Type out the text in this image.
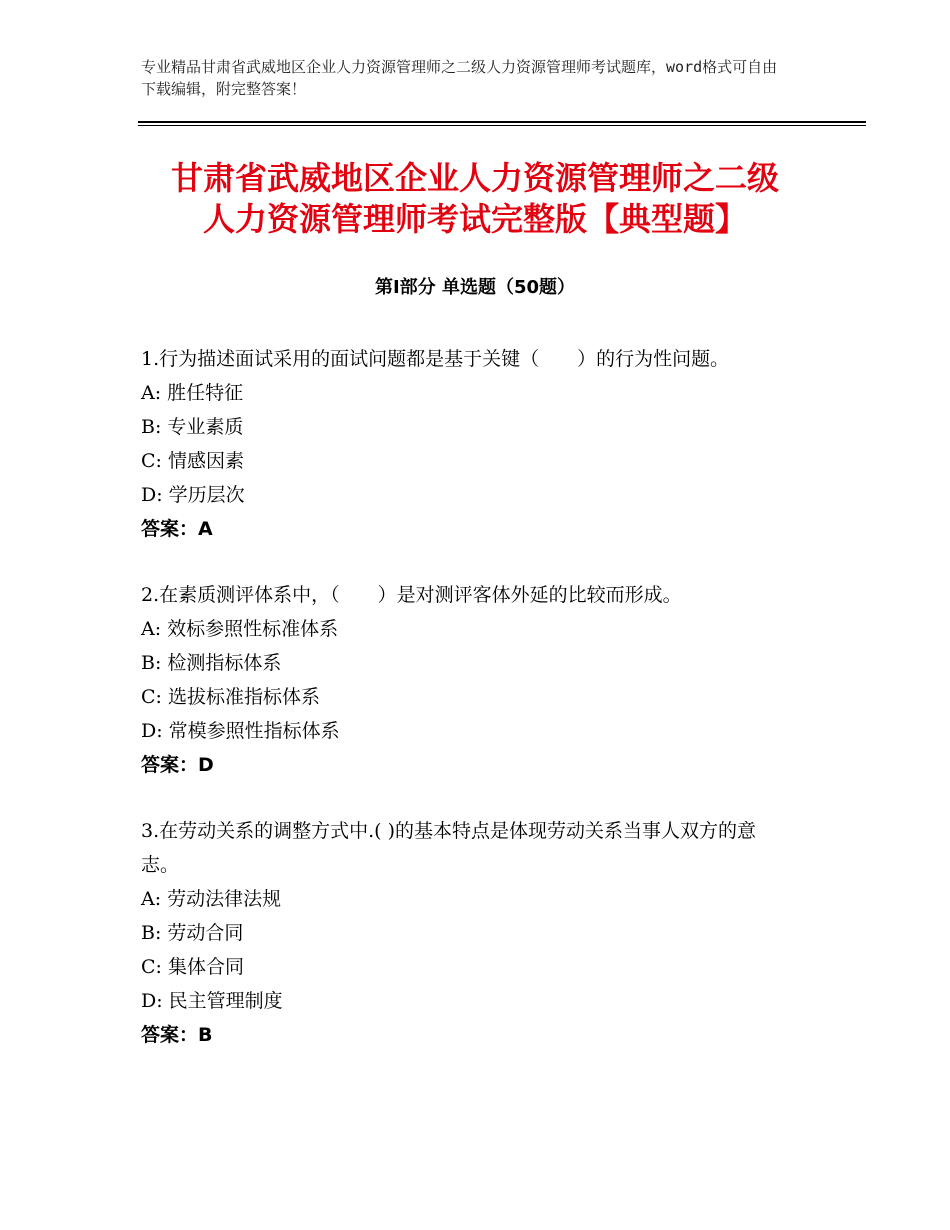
专业精品甘肃省武威地区企业人力资源管理师之二级人力资源管理师考试题库，word格式可自由下载编辑，附完整答案！
甘肃省武威地区企业人力资源管理师之二级
人力资源管理师考试完整版【典型题】
第Ⅰ部分 单选题（50题）

1.行为描述面试采用的面试问题都是基于关键（　　）的行为性问题。

A: 胜任特征

B: 专业素质

C: 情感因素

D: 学历层次

答案：A

2.在素质测评体系中，（　　）是对测评客体外延的比较而形成。

A: 效标参照性标准体系

B: 检测指标体系

C: 选拔标准指标体系

D: 常模参照性指标体系

答案：D

3.在劳动关系的调整方式中.( )的基本特点是体现劳动关系当事人双方的意志。

A: 劳动法律法规

B: 劳动合同

C: 集体合同

D: 民主管理制度

答案：B
